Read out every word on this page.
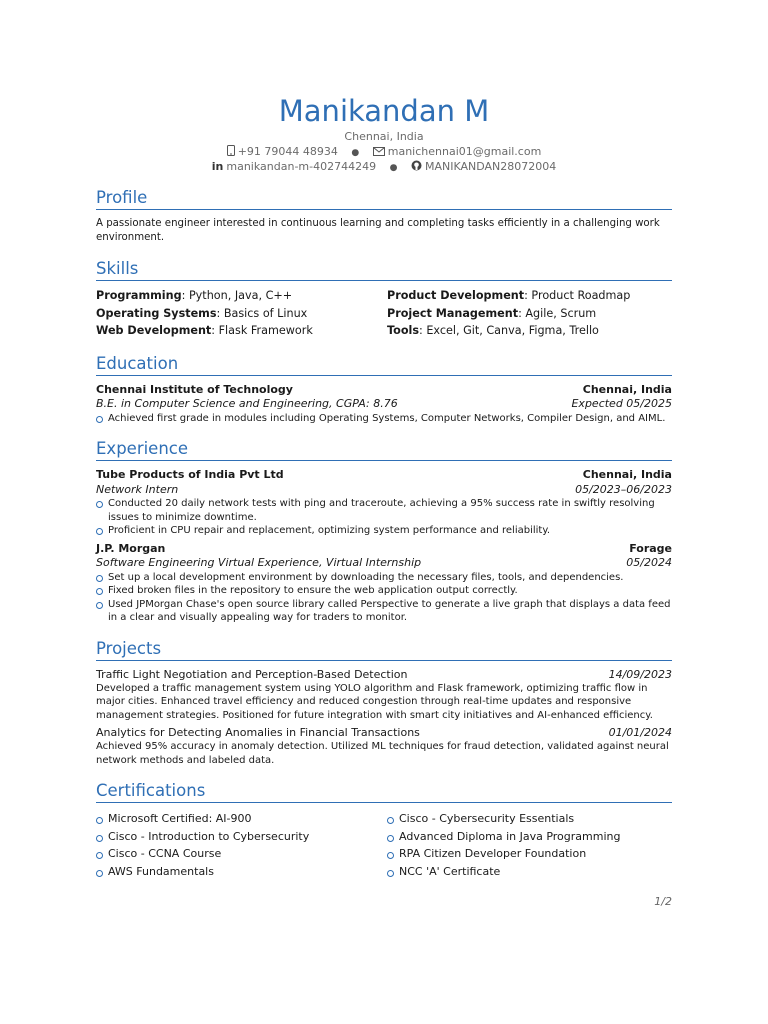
Manikandan M
Chennai, India
+91 79044 48934 ●	manichennai01@gmail.com
in manikandan-m-402744249 ●	MANIKANDAN28072004
Profile
A passionate engineer interested in continuous learning and completing tasks efficiently in a challenging work environment.
Skills
Programming: Python, Java, C++	Product Development: Product Roadmap
Operating Systems: Basics of Linux	Project Management: Agile, Scrum
Web Development: Flask Framework	Tools: Excel, Git, Canva, Figma, Trello
Education
Chennai Institute of Technology	Chennai, India
B.E. in Computer Science and Engineering, CGPA: 8.76	Expected 05/2025
Achieved first grade in modules including Operating Systems, Computer Networks, Compiler Design, and AIML.
Experience
Tube Products of India Pvt Ltd	Chennai, India
Network Intern	05/2023–06/2023
Conducted 20 daily network tests with ping and traceroute, achieving a 95% success rate in swiftly resolving issues to minimize downtime.
Proficient in CPU repair and replacement, optimizing system performance and reliability.
J.P. Morgan	Forage
Software Engineering Virtual Experience, Virtual Internship	05/2024
Set up a local development environment by downloading the necessary files, tools, and dependencies.
Fixed broken files in the repository to ensure the web application output correctly.
Used JPMorgan Chase's open source library called Perspective to generate a live graph that displays a data feed in a clear and visually appealing way for traders to monitor.
Projects
Traffic Light Negotiation and Perception-Based Detection	14/09/2023
Developed a traffic management system using YOLO algorithm and Flask framework, optimizing traffic flow in major cities. Enhanced travel efficiency and reduced congestion through real-time updates and responsive management strategies. Positioned for future integration with smart city initiatives and AI-enhanced efficiency.
Analytics for Detecting Anomalies in Financial Transactions	01/01/2024
Achieved 95% accuracy in anomaly detection. Utilized ML techniques for fraud detection, validated against neural network methods and labeled data.
Certifications
Microsoft Certified: AI-900	Cisco - Cybersecurity Essentials
Cisco - Introduction to Cybersecurity	Advanced Diploma in Java Programming
Cisco - CCNA Course	RPA Citizen Developer Foundation
AWS Fundamentals	NCC 'A' Certificate
1/2
